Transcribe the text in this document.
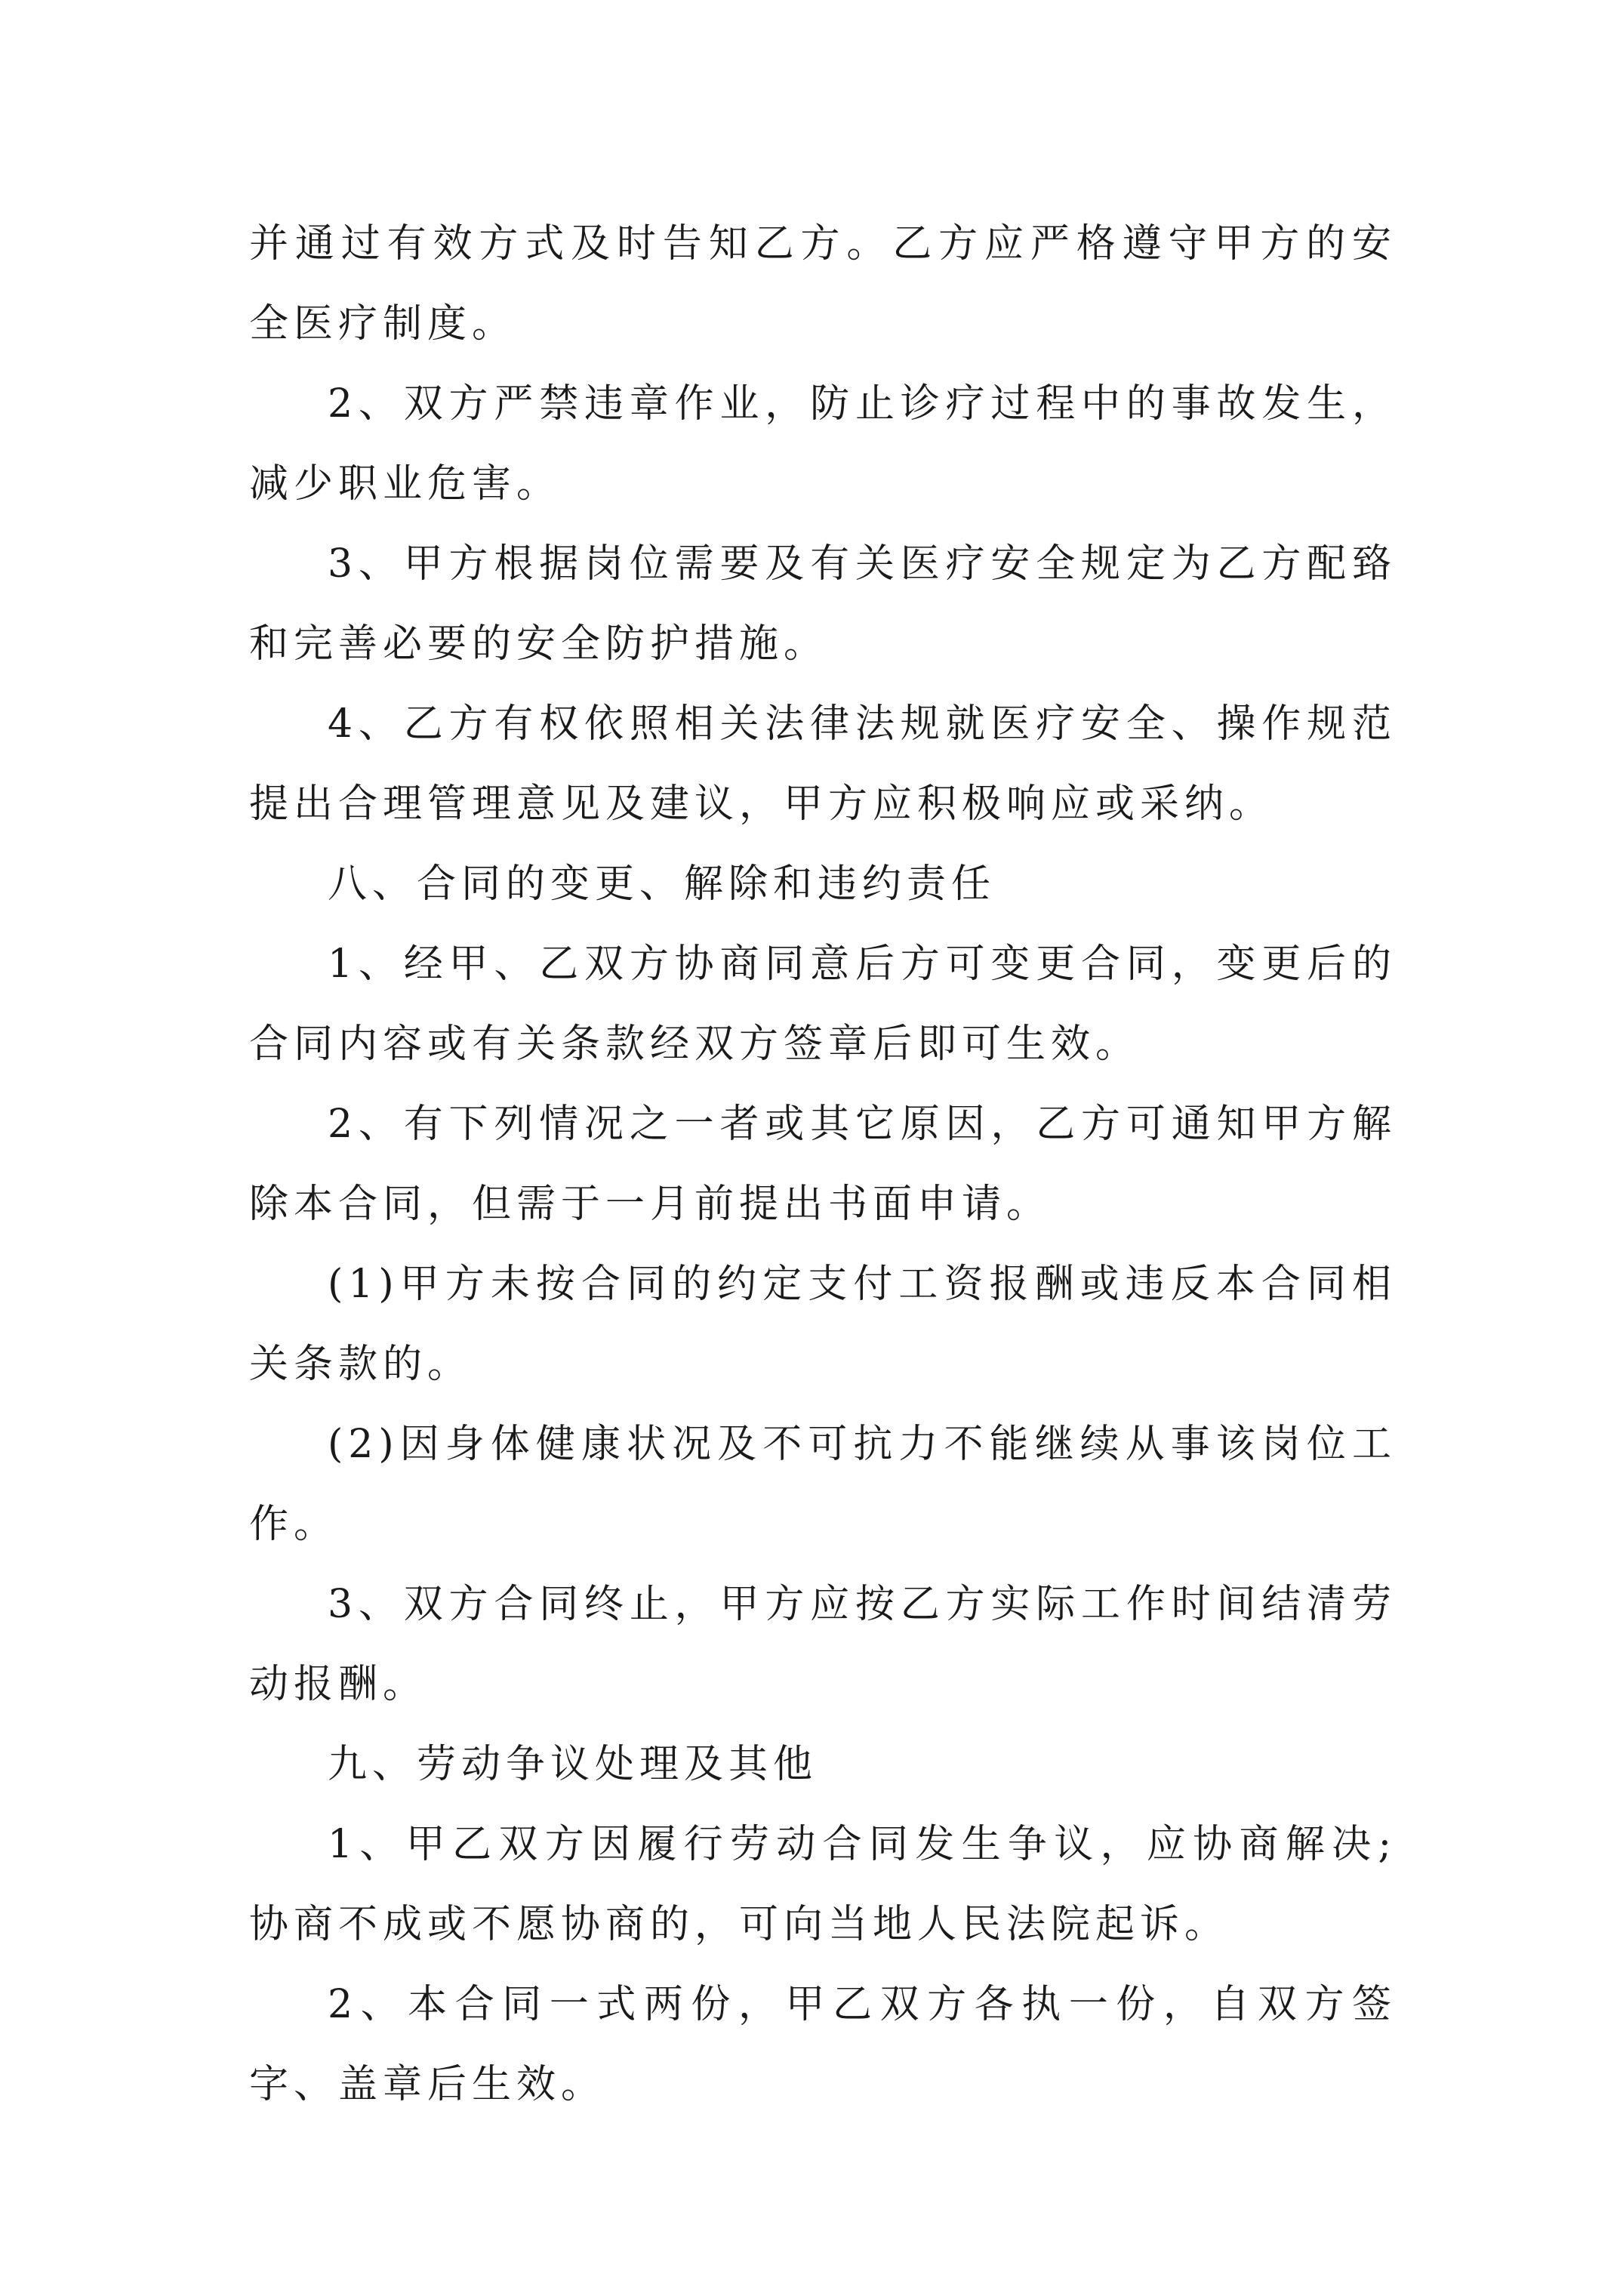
并通过有效方式及时告知乙方。乙方应严格遵守甲方的安全医疗制度。

2、双方严禁违章作业，防止诊疗过程中的事故发生，减少职业危害。

3、甲方根据岗位需要及有关医疗安全规定为乙方配臵和完善必要的安全防护措施。

4、乙方有权依照相关法律法规就医疗安全、操作规范提出合理管理意见及建议，甲方应积极响应或采纳。

八、合同的变更、解除和违约责任

1、经甲、乙双方协商同意后方可变更合同，变更后的合同内容或有关条款经双方签章后即可生效。

2、有下列情况之一者或其它原因，乙方可通知甲方解除本合同，但需于一月前提出书面申请。

(1)甲方未按合同的约定支付工资报酬或违反本合同相关条款的。

(2)因身体健康状况及不可抗力不能继续从事该岗位工作。

3、双方合同终止，甲方应按乙方实际工作时间结清劳动报酬。

九、劳动争议处理及其他

1、甲乙双方因履行劳动合同发生争议，应协商解决;协商不成或不愿协商的，可向当地人民法院起诉。

2、本合同一式两份，甲乙双方各执一份，自双方签字、盖章后生效。
